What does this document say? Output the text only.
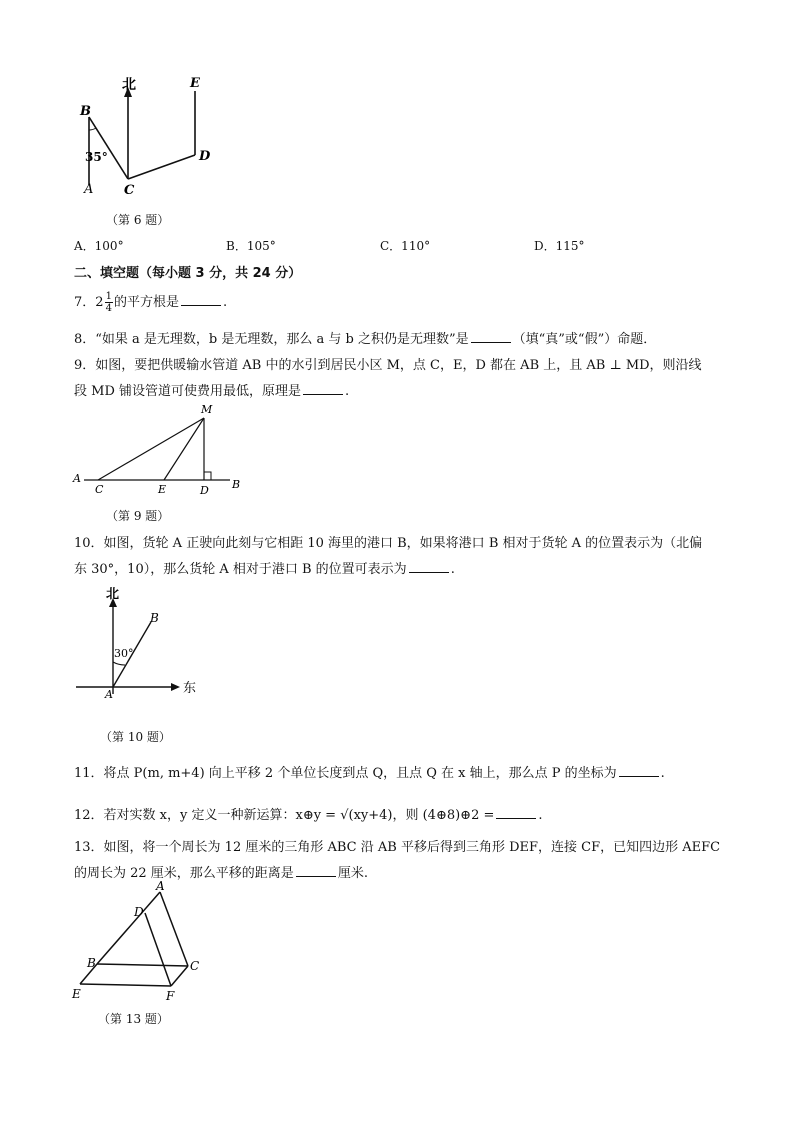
北	E
B
35°	D
A C
（第 6 题）
A．100°	B．105°	C．110°	D．115°
二、填空题（每小题 3 分，共 24 分）
7．$2 \frac{1}{4}$ 的平方根是	.
8．“如果 a 是无理数，b 是无理数，那么 a 与 b 之积仍是无理数”是	（填“真”或“假”）命题．
9．如图，要把供暖输水管道 AB 中的水引到居民小区 M，点 C，E，D 都在 AB 上，且 AB ⊥ MD，则沿线
段 MD 铺设管道可使费用最低，原理是	.
M
A
C	E	D B
（第 9 题）
10．如图，货轮 A 正驶向此刻与它相距 10 海里的港口 B，如果将港口 B 相对于货轮 A 的位置表示为（北偏
东 30°，10），那么货轮 A 相对于港口 B 的位置可表示为	.
北
B
30°
A	东
（第 10 题）
11．将点 P(m, m+4) 向上平移 2 个单位长度到点 Q，且点 Q 在 x 轴上，那么点 P 的坐标为	.
12．若对实数 x，y 定义一种新运算：x⊕y = √(xy+4)，则 (4⊕8)⊕2 =	.
13．如图，将一个周长为 12 厘米的三角形 ABC 沿 AB 平移后得到三角形 DEF，连接 CF，已知四边形 AEFC
的周长为 22 厘米，那么平移的距离是	厘米.
A
D
B	C
E	F
（第 13 题）
